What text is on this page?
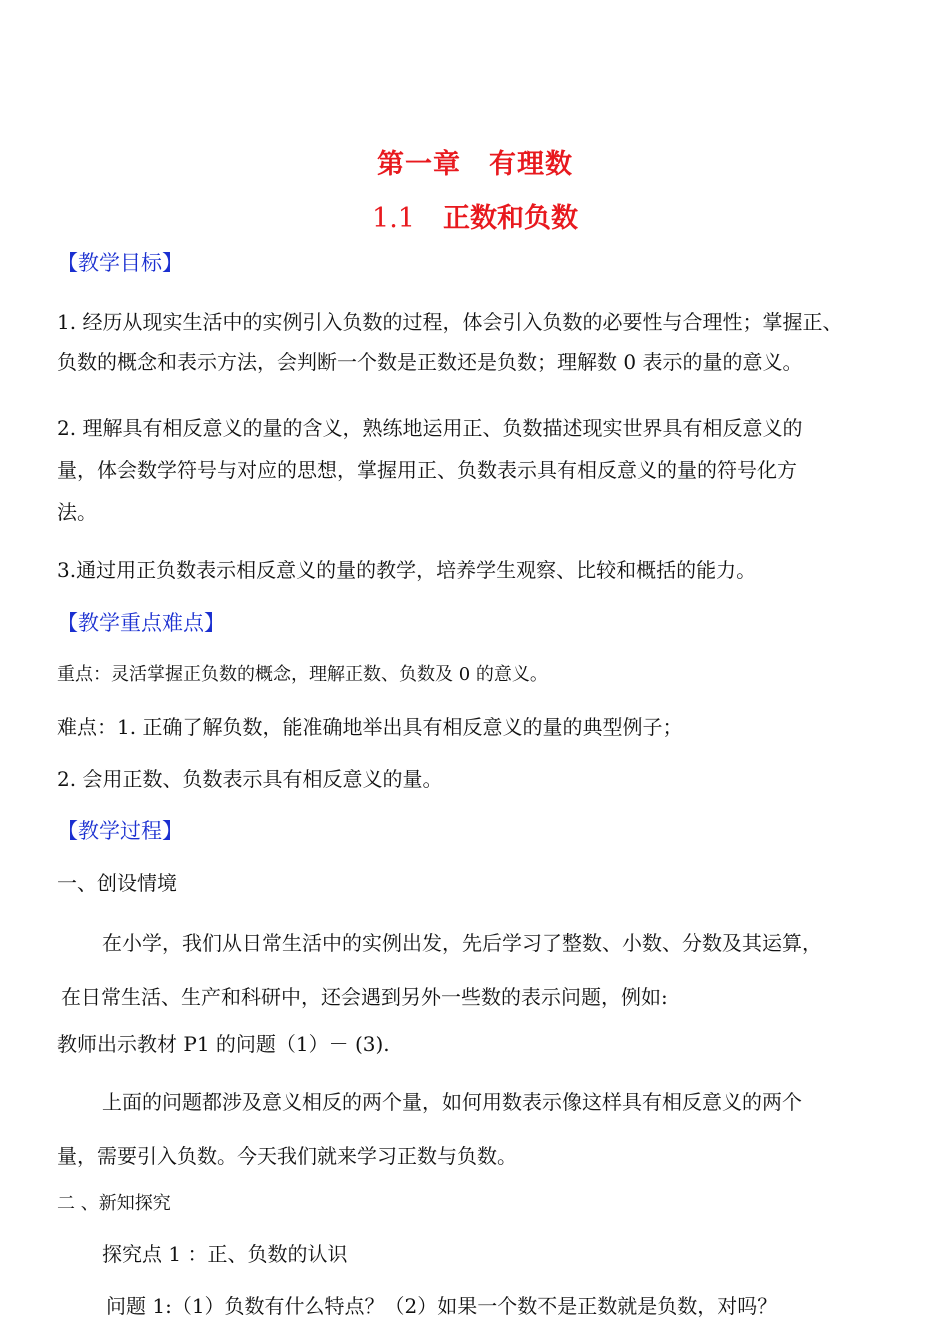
第一章　有理数
1.1 正数和负数
【教学目标】
1. 经历从现实生活中的实例引入负数的过程，体会引入负数的必要性与合理性；掌握正、
负数的概念和表示方法，会判断一个数是正数还是负数；理解数 0 表示的量的意义。
2. 理解具有相反意义的量的含义，熟练地运用正、负数描述现实世界具有相反意义的
量，体会数学符号与对应的思想，掌握用正、负数表示具有相反意义的量的符号化方
法。
3.通过用正负数表示相反意义的量的教学，培养学生观察、比较和概括的能力。
【教学重点难点】
重点：灵活掌握正负数的概念，理解正数、负数及 0 的意义。
难点：1. 正确了解负数，能准确地举出具有相反意义的量的典型例子；
2. 会用正数、负数表示具有相反意义的量。
【教学过程】
一、创设情境
在小学，我们从日常生活中的实例出发，先后学习了整数、小数、分数及其运算，
在日常生活、生产和科研中，还会遇到另外一些数的表示问题，例如:
教师出示教材 P1 的问题（1）－ (3).
上面的问题都涉及意义相反的两个量，如何用数表示像这样具有相反意义的两个
量，需要引入负数。今天我们就来学习正数与负数。
二 、新知探究
探究点 1 ：正、负数的认识
问题 1:（1）负数有什么特点？（2）如果一个数不是正数就是负数，对吗？
